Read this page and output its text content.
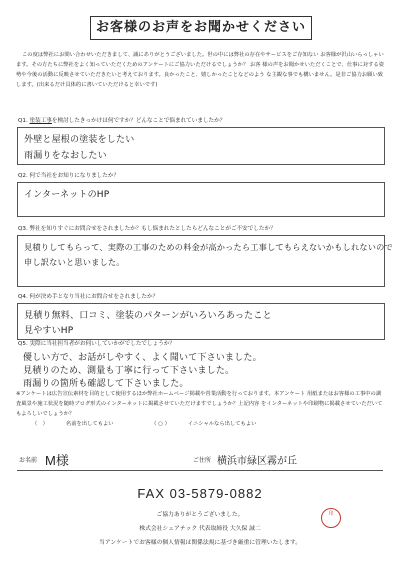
お客様のお声をお聞かせください
この度は弊社にお問い合わせいただきまして、誠にありがとうございました。世の中には弊社の存在やサービスをご存知ない お客様が沢山いらっしゃいます。その方たちに弊社をよく知っていただくためのアンケートにご協力いただけるでしょうか？ お客 様の声をお聞かせいただくことで、仕事に対する姿勢や今後の活動に反映させていただきたいと考えております。良かったこと、嬉しかったことなどのよう な主観な事でも構いません。是非ご協力お願い致します。(出来るだけ具体的に書いていただけると幸いです)
Q1. 塗装工事を検討したきっかけは何ですか？どんなことで悩まれていましたか？
外壁と屋根の塗装をしたい
雨漏りをなおしたい
Q2. 何で当社をお知りになりましたか？
インターネットのHP
Q3. 弊社を知りすぐにお問合せをされましたか？もし悩まれたとしたらどんなことがご不安でしたか？
見積りしてもらって、実際の工事のための料金が高かったら工事してもらえないかもしれないので
申し訳ないと思いました。
Q4. 何が決め手となり当社にお問合せをされましたか？
見積り無料、口コミ、塗装のパターンがいろいろあったこと
見やすいHP
Q5. 実際に当社担当者がお伺いしていかがでしたでしょうか？
優しい方で、お話がしやすく、よく聞いて下さいました。
見積りのため、測量も丁寧に行って下さいました。
雨漏りの箇所も確認して下さいました。
※アンケートは広告宣伝素材を目的として使用するほか弊社ホームページ掲載や営業活動を行っております。本アンケート 用紙またはお客様の工事中の調査風景や施工状況を随時ブログ形式のインターネットに掲載させていただけますでしょうか？上記内容 をインターネットや印刷物に掲載させていただいてもよろしいでしょうか？
（　）	名前を出してもよい	（ ○ ）	イニシャルなら出してもよい
お名前 M様	ご住所 横浜市緑区霧が丘
FAX 03-5879-0882
ご協力ありがとうございました。
株式会社シェアテック 代表取締役 大久保 誠二
当アンケートでお客様の個人情報は関係法規に基づき厳重に管理いたします。
印
